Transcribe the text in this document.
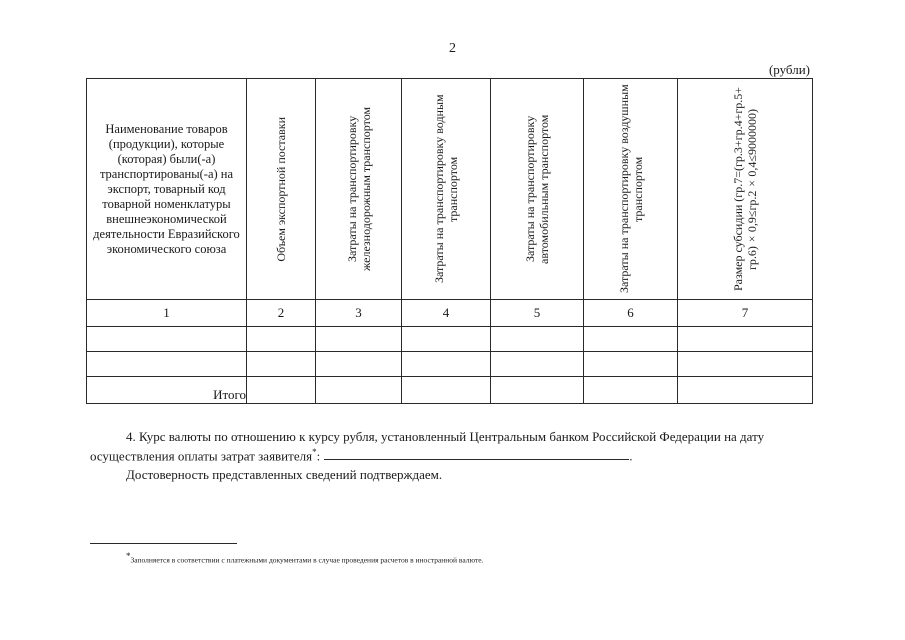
2
(рубли)
Наименование товаров (продукции), которые (которая) были(-а) транспортированы(-а) на экспорт, товарный код товарной номенклатуры внешнеэкономической деятельности Евразийского экономического союза	Объем экспортной поставки	Затраты на транспортировку железнодорожным транспортом	Затраты на транспортировку водным транспортом	Затраты на транспортировку автомобильным транспортом	Затраты на транспортировку воздушным транспортом	Размер субсидии (гр.7=(гр.3+гр.4+гр.5+ гр.6)×0,9≤гр.2×0,4≤9000000)

1	2	3	4	5	6	7

Итого						
4. Курс валюты по отношению к курсу рубля, установленный Центральным банком Российской Федерации на дату
осуществления оплаты затрат заявителя*:	.
Достоверность представленных сведений подтверждаем.
*Заполняется в соответствии с платежными документами в случае проведения расчетов в иностранной валюте.
